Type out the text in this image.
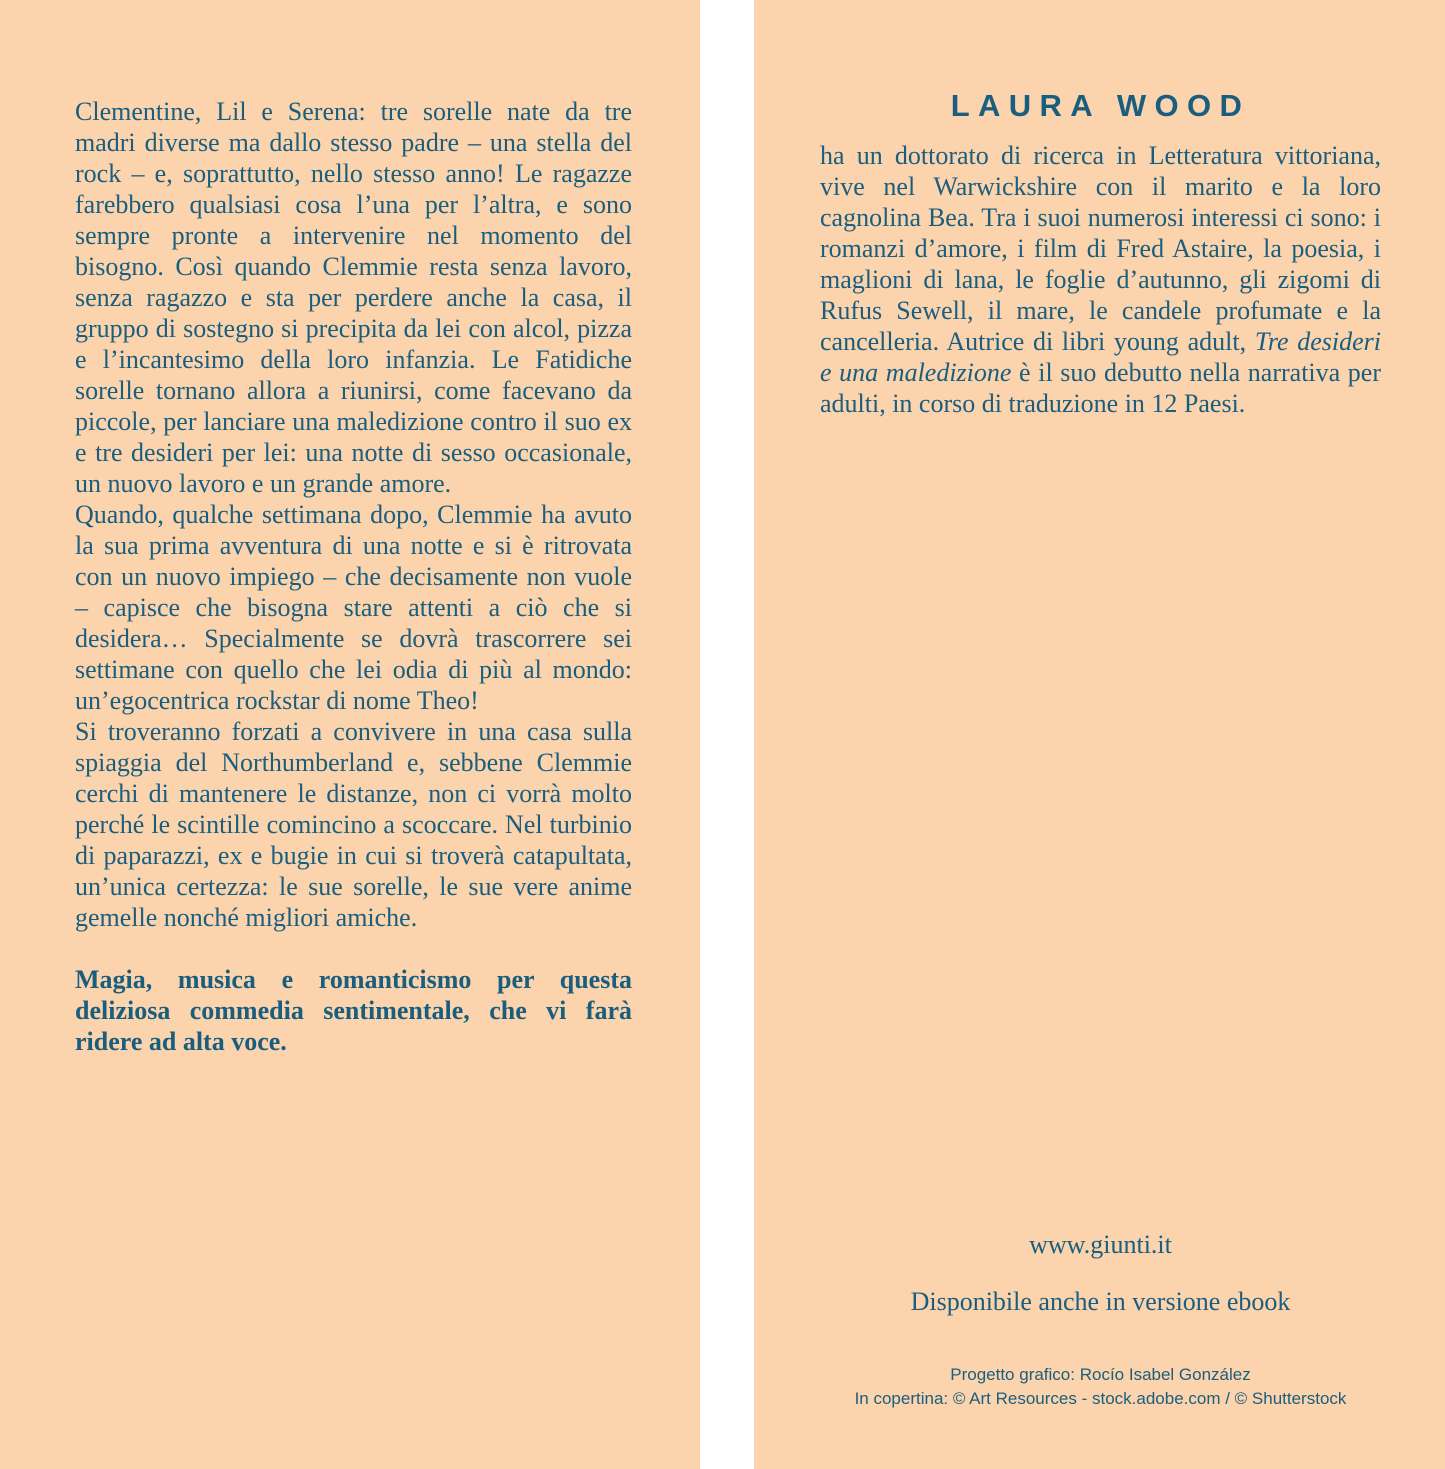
Clementine, Lil e Serena: tre sorelle nate da tre madri diverse ma dallo stesso padre – una stella del rock – e, soprattutto, nello stesso anno! Le ragazze farebbero qualsiasi cosa l’una per l’altra, e sono sempre pronte a intervenire nel momento del bisogno. Così quando Clemmie resta senza lavoro, senza ragazzo e sta per perdere anche la casa, il gruppo di sostegno si precipita da lei con alcol, pizza e l’incantesimo della loro infanzia. Le Fatidiche sorelle tornano allora a riunirsi, come facevano da piccole, per lanciare una maledizione contro il suo ex e tre desideri per lei: una notte di sesso occasionale, un nuovo lavoro e un grande amore.

Quando, qualche settimana dopo, Clemmie ha avuto la sua prima avventura di una notte e si è ritrovata con un nuovo impiego – che decisamente non vuole – capisce che bisogna stare attenti a ciò che si desidera… Specialmente se dovrà trascorrere sei settimane con quello che lei odia di più al mondo: un’egocentrica rockstar di nome Theo!

Si troveranno forzati a convivere in una casa sulla spiaggia del Northumberland e, sebbene Clemmie cerchi di mantenere le distanze, non ci vorrà molto perché le scintille comincino a scoccare. Nel turbinio di paparazzi, ex e bugie in cui si troverà catapultata, un’unica certezza: le sue sorelle, le sue vere anime gemelle nonché migliori amiche.

Magia, musica e romanticismo per questa deliziosa commedia sentimentale, che vi farà ridere ad alta voce.

LAURA WOOD

ha un dottorato di ricerca in Letteratura vittoriana, vive nel Warwickshire con il marito e la loro cagnolina Bea. Tra i suoi numerosi interessi ci sono: i romanzi d’amore, i film di Fred Astaire, la poesia, i maglioni di lana, le foglie d’autunno, gli zigomi di Rufus Sewell, il mare, le candele profumate e la cancelleria. Autrice di libri young adult, Tre desideri e una maledizione è il suo debutto nella narrativa per adulti, in corso di traduzione in 12 Paesi.

www.giunti.it

Disponibile anche in versione ebook

Progetto grafico: Rocío Isabel González

In copertina: © Art Resources - stock.adobe.com / © Shutterstock
